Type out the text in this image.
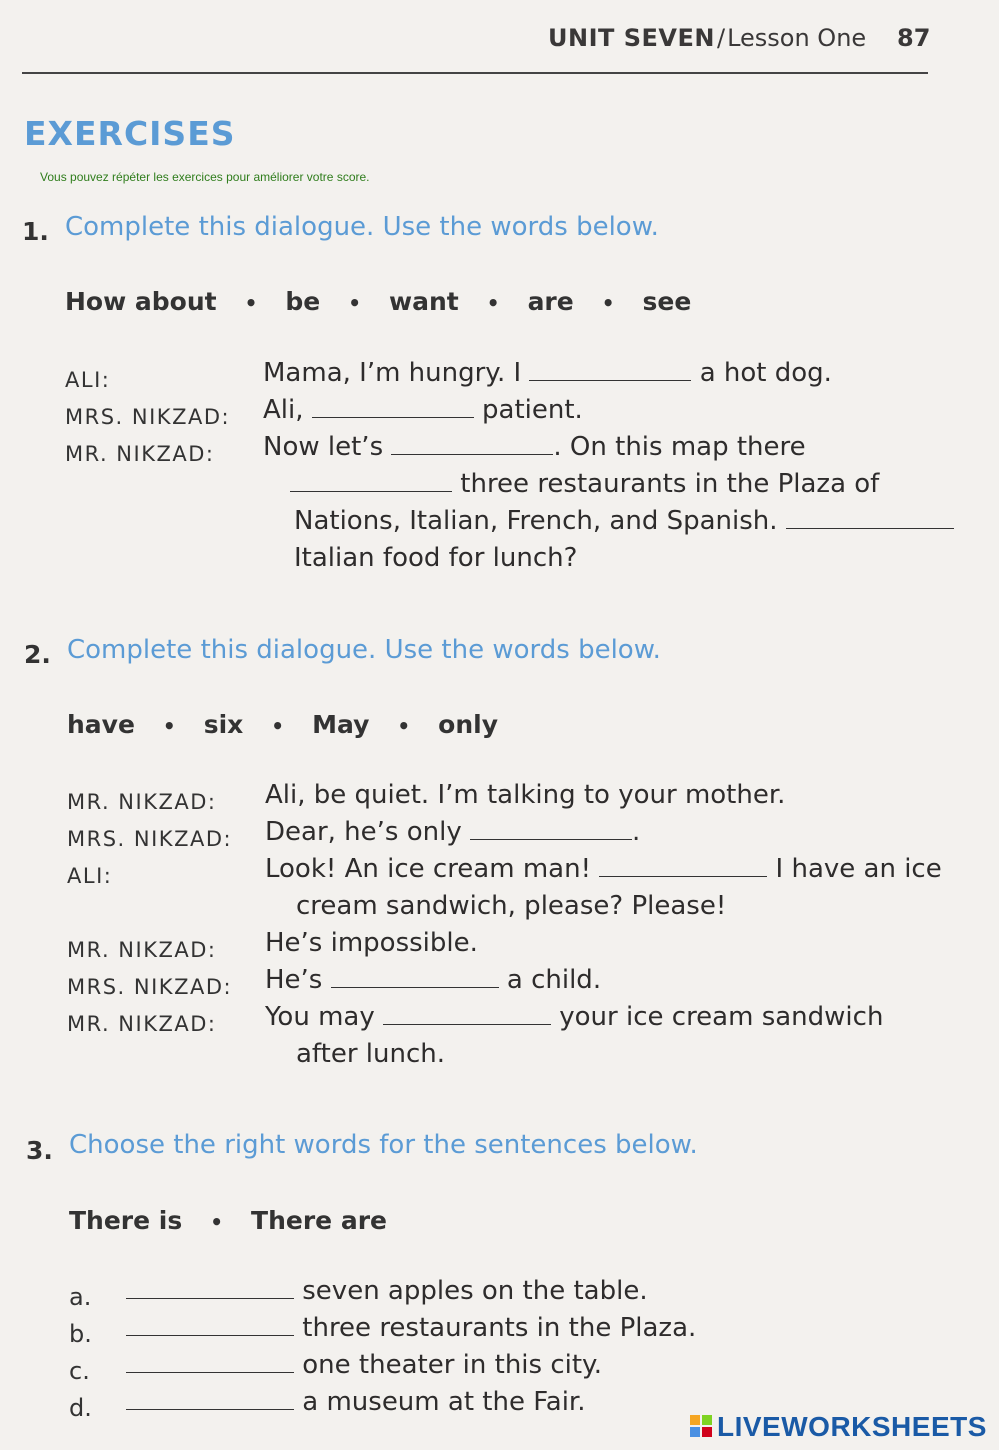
UNIT SEVEN/Lesson One 87
EXERCISES
Vous pouvez répéter les exercices pour améliorer votre score.
1. Complete this dialogue. Use the words below.
How about • be • want • are • see
ALI:	Mama, I’m hungry. I	a hot dog.
MRS. NIKZAD: Ali,	patient.
MR. NIKZAD: Now let’s	. On this map there
three restaurants in the Plaza of
Nations, Italian, French, and Spanish.
Italian food for lunch?
2. Complete this dialogue. Use the words below.
have • six • May • only
MR. NIKZAD: Ali, be quiet. I’m talking to your mother.
MRS. NIKZAD: Dear, he’s only	.
ALI:	Look! An ice cream man!	I have an ice
cream sandwich, please? Please!
MR. NIKZAD: He’s impossible.
MRS. NIKZAD: He’s	a child.
MR. NIKZAD: You may	your ice cream sandwich
after lunch.
3. Choose the right words for the sentences below.
There is • There are
a.	seven apples on the table.
b.	three restaurants in the Plaza.
c.	one theater in this city.
d.	a museum at the Fair.
LIVEWORKSHEETS
